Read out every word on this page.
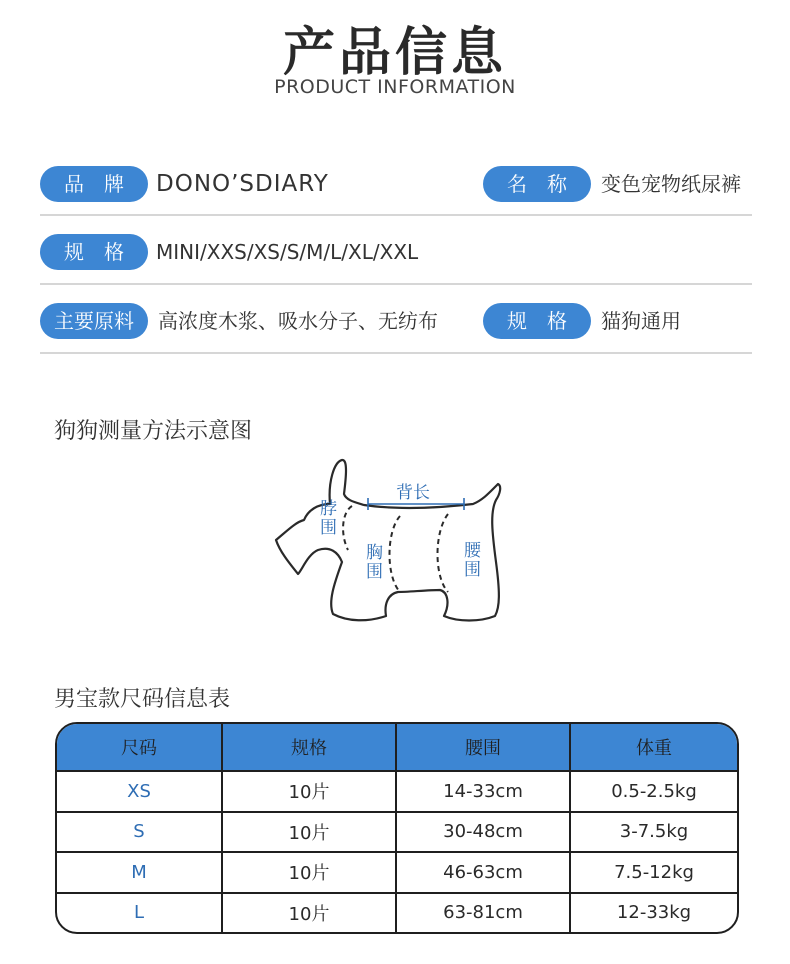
产品信息
PRODUCT INFORMATION
品　牌	DONO’SDIARY	名　称	变色宠物纸尿裤
规　格	MINI/XXS/XS/S/M/L/XL/XXL
主要原料	高浓度木浆、吸水分子、无纺布	规　格	猫狗通用
狗狗测量方法示意图
背长
脖围
胸围
腰围
男宝款尺码信息表
尺码	规格	腰围	体重
XS	10片	14-33cm	0.5-2.5kg
S	10片	30-48cm	3-7.5kg
M	10片	46-63cm	7.5-12kg
L	10片	63-81cm	12-33kg
